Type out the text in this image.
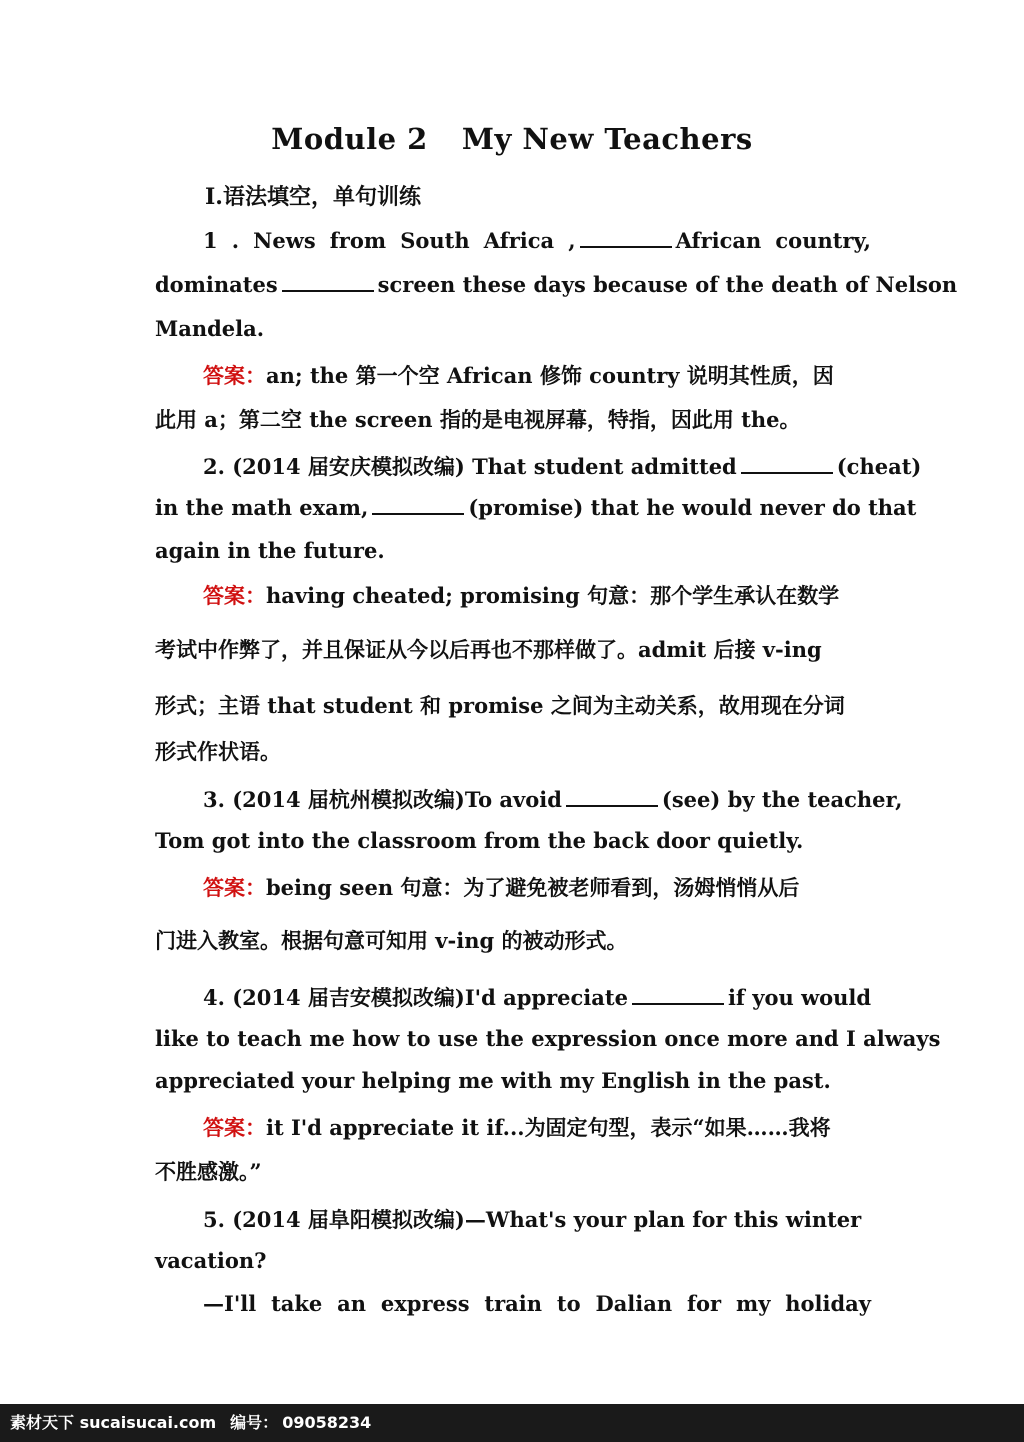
Module 2 My New Teachers
Ⅰ.语法填空，单句训练
1 . News from South Africa ,	African country,
dominates	screen these days because of the death of Nelson
Mandela.
答案：an; the 第一个空 African 修饰 country 说明其性质，因
此用 a；第二空 the screen 指的是电视屏幕，特指，因此用 the。
2. (2014 届安庆模拟改编) That student admitted	(cheat)
in the math exam,	(promise) that he would never do that
again in the future.
答案：having cheated; promising 句意：那个学生承认在数学
考试中作弊了，并且保证从今以后再也不那样做了。admit 后接 v-ing
形式；主语 that student 和 promise 之间为主动关系，故用现在分词
形式作状语。
3. (2014 届杭州模拟改编)To avoid	(see) by the teacher,
Tom got into the classroom from the back door quietly.
答案：being seen 句意：为了避免被老师看到，汤姆悄悄从后
门进入教室。根据句意可知用 v-ing 的被动形式。
4. (2014 届吉安模拟改编)I'd appreciate	if you would
like to teach me how to use the expression once more and I always
appreciated your helping me with my English in the past.
答案：it I'd appreciate it if...为固定句型，表示“如果……我将
不胜感激。”
5. (2014 届阜阳模拟改编)—What's your plan for this winter
vacation?
—I'll take an express train to Dalian for my holiday
素材天下 sucaisucai.com 编号： 09058234
